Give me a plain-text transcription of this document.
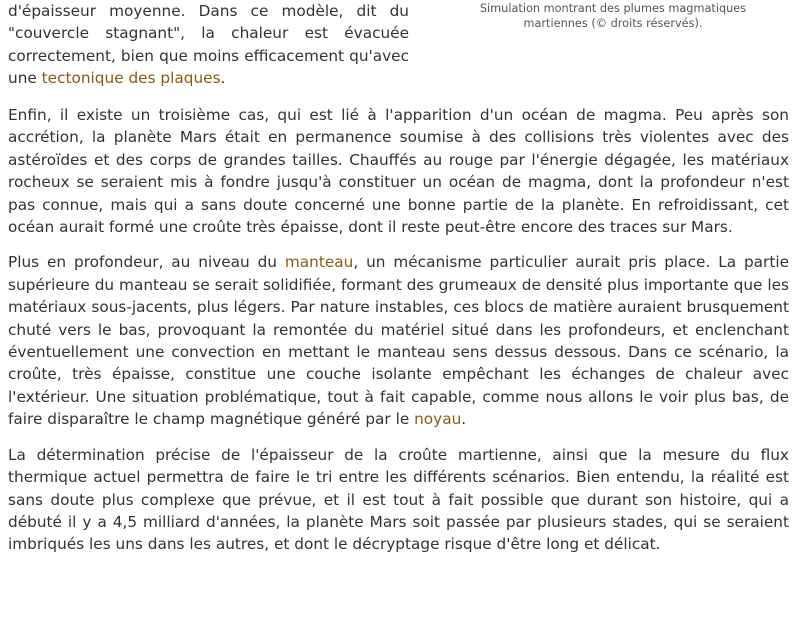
d'épaisseur moyenne. Dans ce modèle, dit du "couvercle stagnant", la chaleur est évacuée correctement, bien que moins efficacement qu'avec une tectonique des plaques.

Simulation montrant des plumes magmatiques martiennes (© droits réservés).

Enfin, il existe un troisième cas, qui est lié à l'apparition d'un océan de magma. Peu après son accrétion, la planète Mars était en permanence soumise à des collisions très violentes avec des astéroïdes et des corps de grandes tailles. Chauffés au rouge par l'énergie dégagée, les matériaux rocheux se seraient mis à fondre jusqu'à constituer un océan de magma, dont la profondeur n'est pas connue, mais qui a sans doute concerné une bonne partie de la planète. En refroidissant, cet océan aurait formé une croûte très épaisse, dont il reste peut-être encore des traces sur Mars.

Plus en profondeur, au niveau du manteau, un mécanisme particulier aurait pris place. La partie supérieure du manteau se serait solidifiée, formant des grumeaux de densité plus importante que les matériaux sous-jacents, plus légers. Par nature instables, ces blocs de matière auraient brusquement chuté vers le bas, provoquant la remontée du matériel situé dans les profondeurs, et enclenchant éventuellement une convection en mettant le manteau sens dessus dessous. Dans ce scénario, la croûte, très épaisse, constitue une couche isolante empêchant les échanges de chaleur avec l'extérieur. Une situation problématique, tout à fait capable, comme nous allons le voir plus bas, de faire disparaître le champ magnétique généré par le noyau.

La détermination précise de l'épaisseur de la croûte martienne, ainsi que la mesure du flux thermique actuel permettra de faire le tri entre les différents scénarios. Bien entendu, la réalité est sans doute plus complexe que prévue, et il est tout à fait possible que durant son histoire, qui a débuté il y a 4,5 milliard d'années, la planète Mars soit passée par plusieurs stades, qui se seraient imbriqués les uns dans les autres, et dont le décryptage risque d'être long et délicat.
